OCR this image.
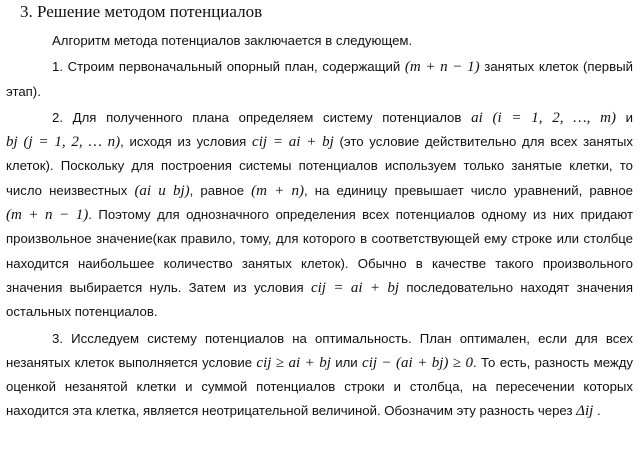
3. Решение методом потенциалов

Алгоритм метода потенциалов заключается в следующем.

1. Строим первоначальный опорный план, содержащий (m + n − 1) занятых клеток (первый этап).

2. Для полученного плана определяем систему потенциалов ai (i = 1, 2, …, m) и bj (j = 1, 2, … n), исходя из условия cij = ai + bj (это условие действительно для всех занятых клеток). Поскольку для построения системы потенциалов используем только занятые клетки, то число неизвестных (ai и bj), равное (m + n), на единицу превышает число уравнений, равное (m + n − 1). Поэтому для однозначного определения всех потенциалов одному из них придают произвольное значение(как правило, тому, для которого в соответствующей ему строке или столбце находится наибольшее количество занятых клеток). Обычно в качестве такого произвольного значения выбирается нуль. Затем из условия cij = ai + bj последовательно находят значения остальных потенциалов.

3. Исследуем систему потенциалов на оптимальность. План оптимален, если для всех незанятых клеток выполняется условие cij ≥ ai + bj или cij − (ai + bj) ≥ 0. То есть, разность между оценкой незанятой клетки и суммой потенциалов строки и столбца, на пересечении которых находится эта клетка, является неотрицательной величиной. Обозначим эту разность через Δij .
